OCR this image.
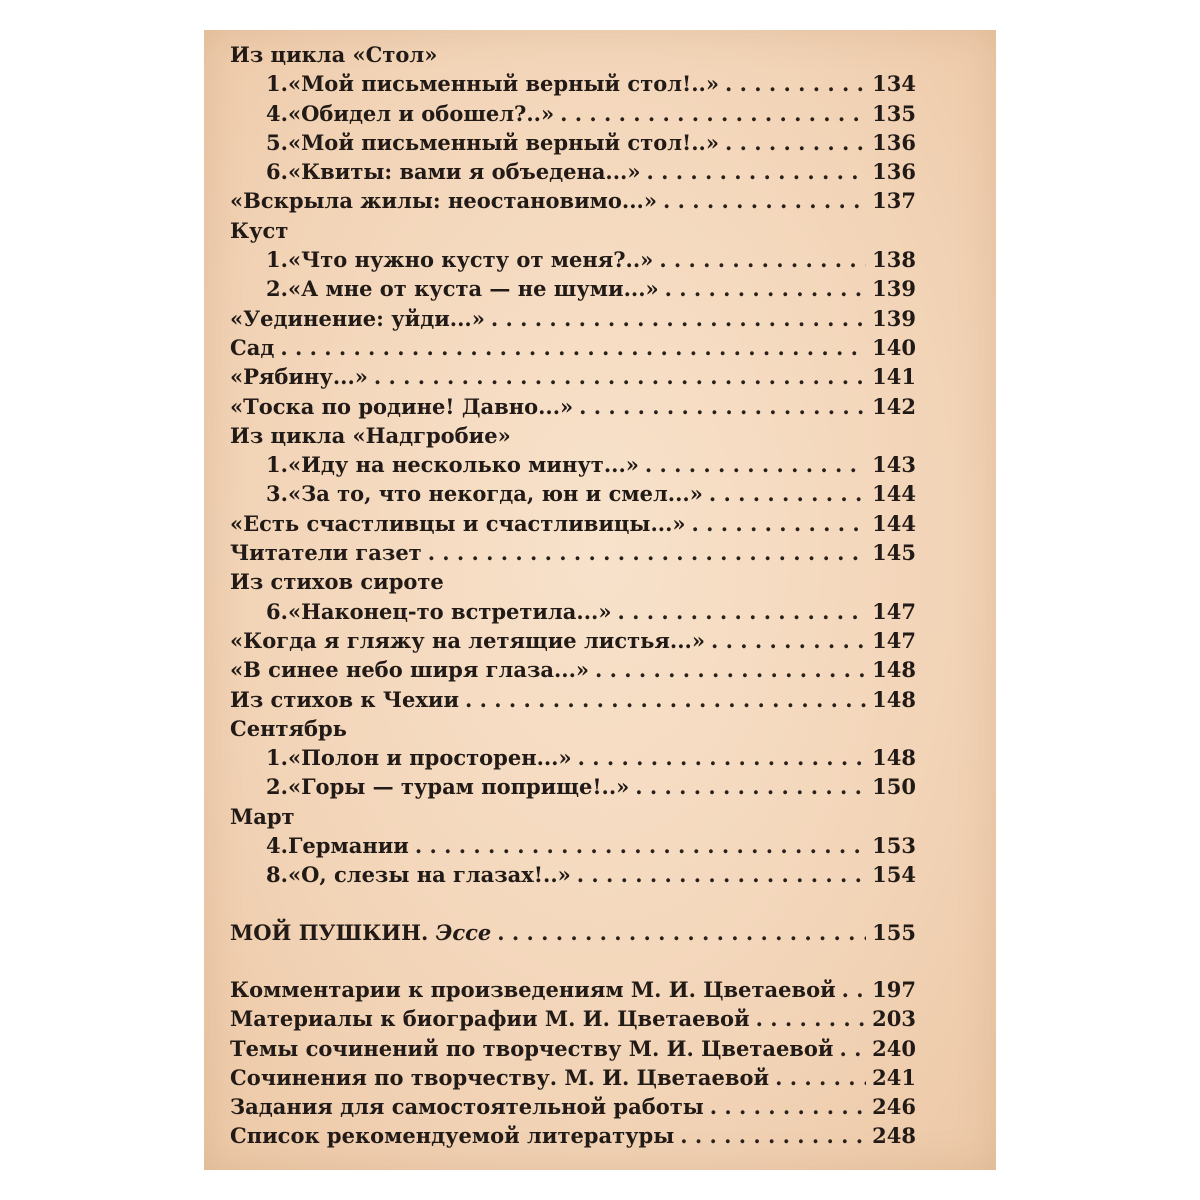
Из цикла «Стол»
1. «Мой письменный верный стол!..» . . .	134
4. «Обидел и обошел?..» . . .	135
5. «Мой письменный верный стол!..» . . .	136
6. «Квиты: вами я объедена...» . . .	136
«Вскрыла жилы: неостановимо...» . . .	137
Куст
1. «Что нужно кусту от меня?..» . . .	138
2. «А мне от куста — не шуми...» . . .	139
«Уединение: уйди...» . . .	139
Сад . . .	140
«Рябину...» . . .	141
«Тоска по родине! Давно...» . . .	142
Из цикла «Надгробие»
1. «Иду на несколько минут...» . . .	143
3. «За то, что некогда, юн и смел...» . . .	144
«Есть счастливцы и счастливицы...» . . .	144
Читатели газет . . .	145
Из стихов сироте
6. «Наконец-то встретила...» . . .	147
«Когда я гляжу на летящие листья...» . . .	147
«В синее небо ширя глаза...» . . .	148
Из стихов к Чехии . . .	148
Сентябрь
1. «Полон и просторен...» . . .	148
2. «Горы — турам поприще!..» . . .	150
Март
4. Германии . . .	153
8. «О, слезы на глазах!..» . . .	154
МОЙ ПУШКИН. Эссе . . .	155
Комментарии к произведениям М. И. Цветаевой . . . 197
Материалы к биографии М. И. Цветаевой . . .	203
Темы сочинений по творчеству М. И. Цветаевой . . . 240
Сочинения по творчеству. М. И. Цветаевой . . .	241
Задания для самостоятельной работы . . .	246
Список рекомендуемой литературы . . .	248
